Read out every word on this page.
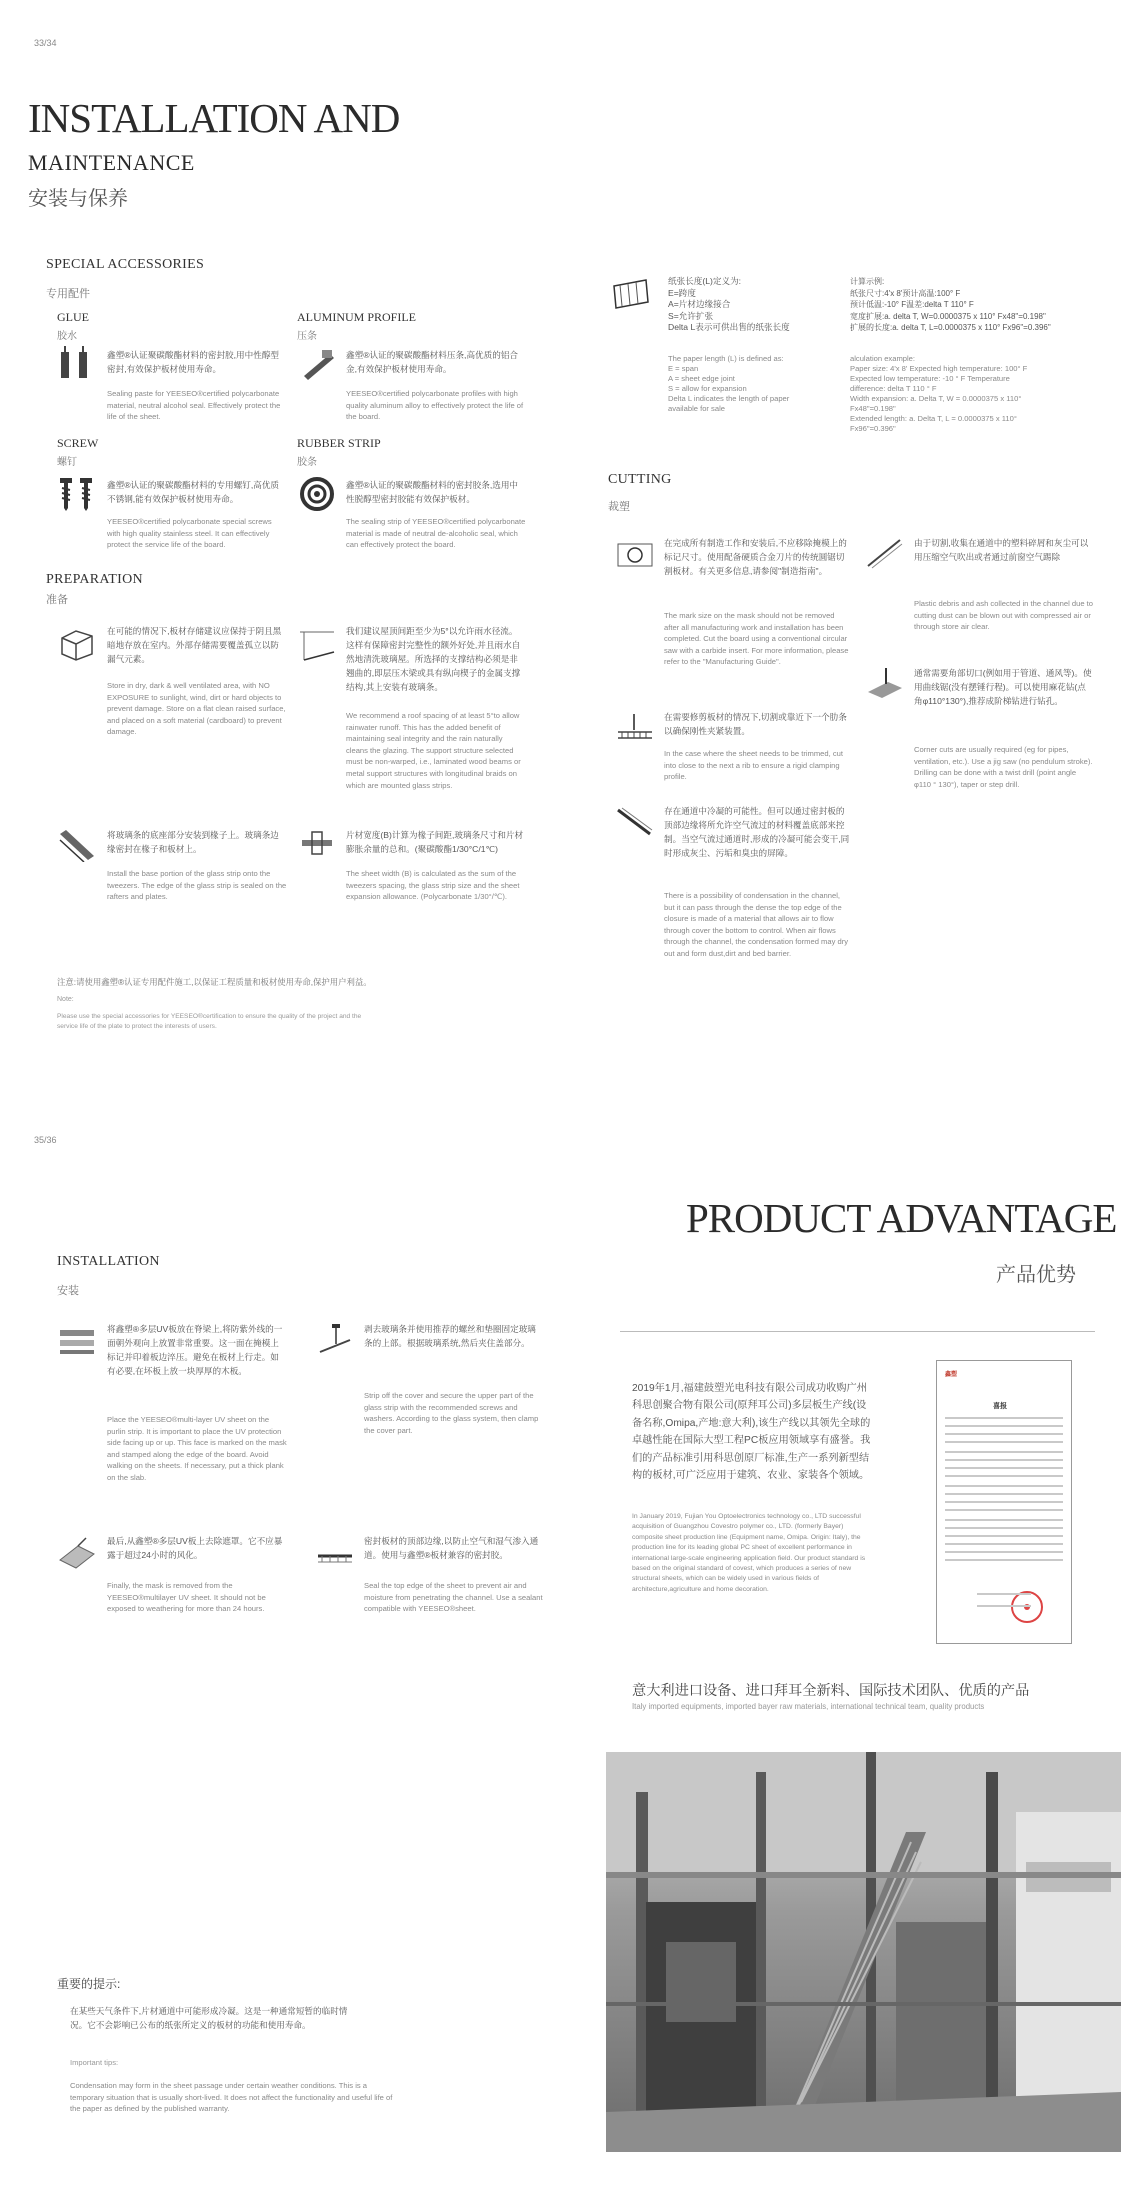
33/34
INSTALLATION AND
MAINTENANCE
安装与保养
SPECIAL ACCESSORIES
专用配件
GLUE
胶水
鑫塑®认证聚碳酸酯材料的密封胶,用中性醇型密封,有效保护板材使用寿命。
Sealing paste for YEESEO®certified polycarbonate material, neutral alcohol seal. Effectively protect the life of the sheet.
ALUMINUM PROFILE
压条
鑫塑®认证的聚碳酸酯材料压条,高优质的铝合金,有效保护板材使用寿命。
YEESEO®certified polycarbonate profiles with high quality aluminum alloy to effectively protect the life of the board.
SCREW
螺钉
鑫塑®认证的聚碳酸酯材料的专用螺钉,高优质不锈钢,能有效保护板材使用寿命。
YEESEO®certified polycarbonate special screws with high quality stainless steel. It can effectively protect the service life of the board.
RUBBER STRIP
胶条
鑫塑®认证的聚碳酸酯材料的密封胶条,选用中性脱醇型密封胶能有效保护板材。
The sealing strip of YEESEO®certified polycarbonate material is made of neutral de-alcoholic seal, which can effectively protect the board.
PREPARATION
准备
在可能的情况下,板材存储建议应保持于阴且黑暗地存放在室内。外部存储需要覆盖孤立以防漏气元素。
Store in dry, dark & well ventilated area, with NO EXPOSURE to sunlight, wind, dirt or hard objects to prevent damage. Store on a flat clean raised surface, and placed on a soft material (cardboard) to prevent damage.
我们建议屋顶间距至少为5°以允许雨水径流。这样有保障密封完整性的额外好处,并且雨水自然地清洗玻璃屋。所选择的支撑结构必须是非翘曲的,即层压木梁或具有纵向楔子的金属支撑结构,其上安装有玻璃条。
We recommend a roof spacing of at least 5°to allow rainwater runoff. This has the added benefit of maintaining seal integrity and the rain naturally cleans the glazing. The support structure selected must be non-warped, i.e., laminated wood beams or metal support structures with longitudinal braids on which are mounted glass strips.
将玻璃条的底座部分安装到椽子上。玻璃条边缘密封在椽子和板材上。
Install the base portion of the glass strip onto the tweezers. The edge of the glass strip is sealed on the rafters and plates.
片材宽度(B)计算为椽子间距,玻璃条尺寸和片材膨胀余量的总和。(聚碳酸酯1/30°C/1℃)
The sheet width (B) is calculated as the sum of the tweezers spacing, the glass strip size and the sheet expansion allowance. (Polycarbonate 1/30°/℃).
注意:请使用鑫塑®认证专用配件施工,以保证工程质量和板材使用寿命,保护用户利益。
Note:
Please use the special accessories for YEESEO®certification to ensure the quality of the project and the service life of the plate to protect the interests of users.
纸张长度(L)定义为:
E=跨度
A=片材边缘接合
S=允许扩张
Delta L表示可供出售的纸张长度
The paper length (L) is defined as:
E = span
A = sheet edge joint
S = allow for expansion
Delta L indicates the length of paper available for sale
计算示例:
纸张尺寸:4'x 8'预计高温:100° F
预计低温:-10° F温差:delta T 110° F
宽度扩展:a. delta T, W=0.0000375 x 110° Fx48"=0.198"
扩展的长度:a. delta T, L=0.0000375 x 110° Fx96"=0.396"
alculation example:
Paper size: 4'x 8' Expected high temperature: 100° F
Expected low temperature: -10 ° F Temperature
difference: delta T 110 ° F
Width expansion: a. Delta T, W = 0.0000375 x 110°
Fx48"=0.198"
Extended length: a. Delta T, L = 0.0000375 x 110°
Fx96"=0.396"
CUTTING
裁塑
在完成所有制造工作和安装后,不应移除掩模上的标记尺寸。使用配备硬质合金刀片的传统圆锯切割板材。有关更多信息,请参阅"制造指南"。
The mark size on the mask should not be removed after all manufacturing work and installation has been completed. Cut the board using a conventional circular saw with a carbide insert. For more information, please refer to the "Manufacturing Guide".
在需要修剪板材的情况下,切割或靠近下一个肋条以确保刚性夹紧装置。
In the case where the sheet needs to be trimmed, cut into close to the next a rib to ensure a rigid clamping profile.
存在通道中冷凝的可能性。但可以通过密封板的顶部边缘将所允许空气流过的材料覆盖底部来控制。当空气流过通道时,形成的冷凝可能会变干,同时形成灰尘、污垢和臭虫的屏障。
There is a possibility of condensation in the channel, but it can pass through the dense the top edge of the closure is made of a material that allows air to flow through cover the bottom to control. When air flows through the channel, the condensation formed may dry out and form dust,dirt and bed barrier.
由于切割,收集在通道中的塑料碎屑和灰尘可以用压缩空气吹出或者通过前窗空气踢除
Plastic debris and ash collected in the channel due to cutting dust can be blown out with compressed air or through store air clear.
通常需要角部切口(例如用于管道、通风等)。使用曲线锯(没有摆锤行程)。可以使用麻花钻(点角φ110°130°),推荐成阶梯钻进行钻孔。
Corner cuts are usually required (eg for pipes, ventilation, etc.). Use a jig saw (no pendulum stroke). Drilling can be done with a twist drill (point angle φ110 ° 130°), taper or step drill.
35/36
INSTALLATION
安装
将鑫塑®多层UV板放在脊梁上,将防紫外线的一面朝外观向上放置非常重要。这一面在掩模上标记并印着板边淬压。避免在板材上行走。如有必要,在坏板上放一块厚厚的木板。
Place the YEESEO®multi-layer UV sheet on the purlin strip. It is important to place the UV protection side facing up or up. This face is marked on the mask and stamped along the edge of the board. Avoid walking on the sheets. If necessary, put a thick plank on the slab.
剥去玻璃条并使用推荐的螺丝和垫圈固定玻璃条的上部。根据玻璃系统,然后夹住盖部分。
Strip off the cover and secure the upper part of the glass strip with the recommended screws and washers. According to the glass system, then clamp the cover part.
最后,从鑫塑®多层UV板上去除遮罩。它不应暴露于超过24小时的风化。
Finally, the mask is removed from the YEESEO®multilayer UV sheet. It should not be exposed to weathering for more than 24 hours.
密封板材的顶部边缘,以防止空气和湿气渗入通道。使用与鑫塑®板材兼容的密封胶。
Seal the top edge of the sheet to prevent air and moisture from penetrating the channel. Use a sealant compatible with YEESEO®sheet.
重要的提示:
在某些天气条件下,片材通道中可能形成冷凝。这是一种通常短暂的临时情况。它不会影响已公布的纸张所定义的板材的功能和使用寿命。
Important tips:
Condensation may form in the sheet passage under certain weather conditions. This is a temporary situation that is usually short-lived. It does not affect the functionality and useful life of the paper as defined by the published warranty.
PRODUCT ADVANTAGE
产品优势
2019年1月,福建鼓塑光电科技有限公司成功收购广州科思创聚合物有限公司(原拜耳公司)多层板生产线(设备名称,Omipa,产地:意大利),该生产线以其领先全球的卓越性能在国际大型工程PC板应用领域享有盛誉。我们的产品标准引用科思创原厂标准,生产一系列新型结构的板材,可广泛应用于建筑、农业、家装各个领域。
In January 2019, Fujian You Optoelectronics technology co., LTD successful acquisition of Guangzhou Covestro polymer co., LTD. (formerly Bayer) composite sheet production line (Equipment name, Omipa. Origin: Italy), the production line for its leading global PC sheet of excellent performance in international large-scale engineering application field. Our product standard is based on the original standard of covest, which produces a series of new structural sheets, which can be widely used in various fields of architecture,agriculture and home decoration.
鑫塑
喜报
意大利进口设备、进口拜耳全新料、国际技术团队、优质的产品
Italy imported equipments, imported bayer raw materials, international technical team, quality products
